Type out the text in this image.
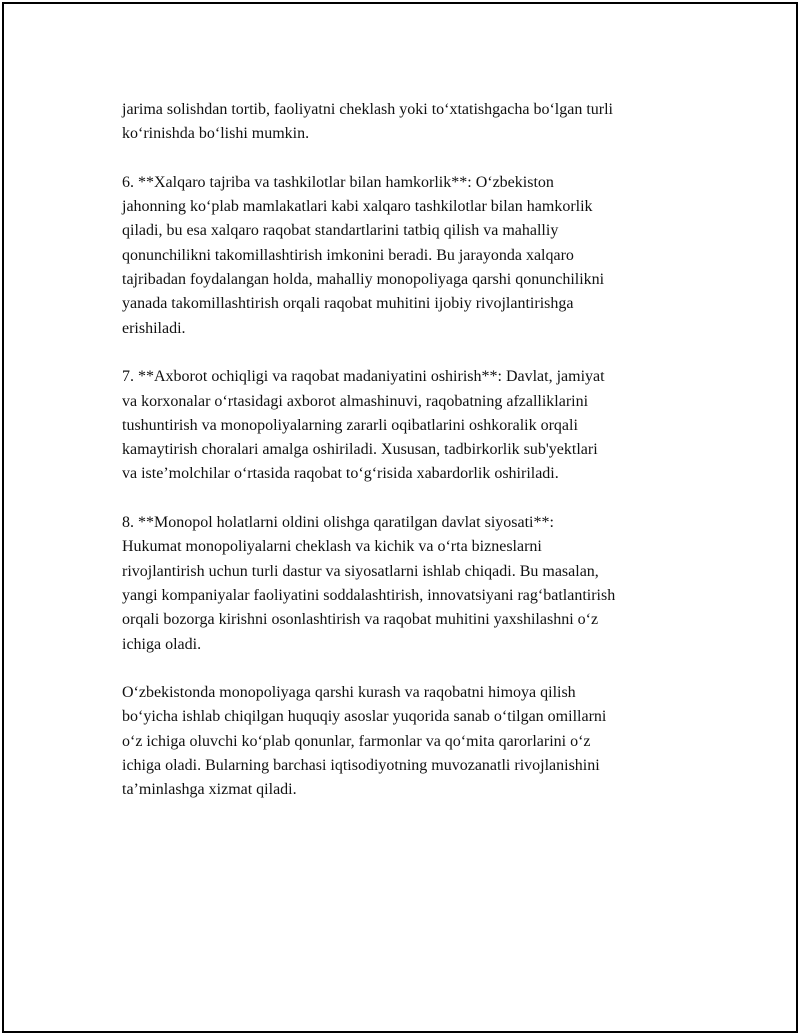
jarima solishdan tortib, faoliyatni cheklash yoki to‘xtatishgacha bo‘lgan turli
ko‘rinishda bo‘lishi mumkin.

6. **Xalqaro tajriba va tashkilotlar bilan hamkorlik**: O‘zbekiston
jahonning ko‘plab mamlakatlari kabi xalqaro tashkilotlar bilan hamkorlik
qiladi, bu esa xalqaro raqobat standartlarini tatbiq qilish va mahalliy
qonunchilikni takomillashtirish imkonini beradi. Bu jarayonda xalqaro
tajribadan foydalangan holda, mahalliy monopoliyaga qarshi qonunchilikni
yanada takomillashtirish orqali raqobat muhitini ijobiy rivojlantirishga
erishiladi.

7. **Axborot ochiqligi va raqobat madaniyatini oshirish**: Davlat, jamiyat
va korxonalar o‘rtasidagi axborot almashinuvi, raqobatning afzalliklarini
tushuntirish va monopoliyalarning zararli oqibatlarini oshkoralik orqali
kamaytirish choralari amalga oshiriladi. Xususan, tadbirkorlik sub'yektlari
va iste’molchilar o‘rtasida raqobat to‘g‘risida xabardorlik oshiriladi.

8. **Monopol holatlarni oldini olishga qaratilgan davlat siyosati**:
Hukumat monopoliyalarni cheklash va kichik va o‘rta bizneslarni
rivojlantirish uchun turli dastur va siyosatlarni ishlab chiqadi. Bu masalan,
yangi kompaniyalar faoliyatini soddalashtirish, innovatsiyani rag‘batlantirish
orqali bozorga kirishni osonlashtirish va raqobat muhitini yaxshilashni o‘z
ichiga oladi.

O‘zbekistonda monopoliyaga qarshi kurash va raqobatni himoya qilish
bo‘yicha ishlab chiqilgan huquqiy asoslar yuqorida sanab o‘tilgan omillarni
o‘z ichiga oluvchi ko‘plab qonunlar, farmonlar va qo‘mita qarorlarini o‘z
ichiga oladi. Bularning barchasi iqtisodiyotning muvozanatli rivojlanishini
ta’minlashga xizmat qiladi.
